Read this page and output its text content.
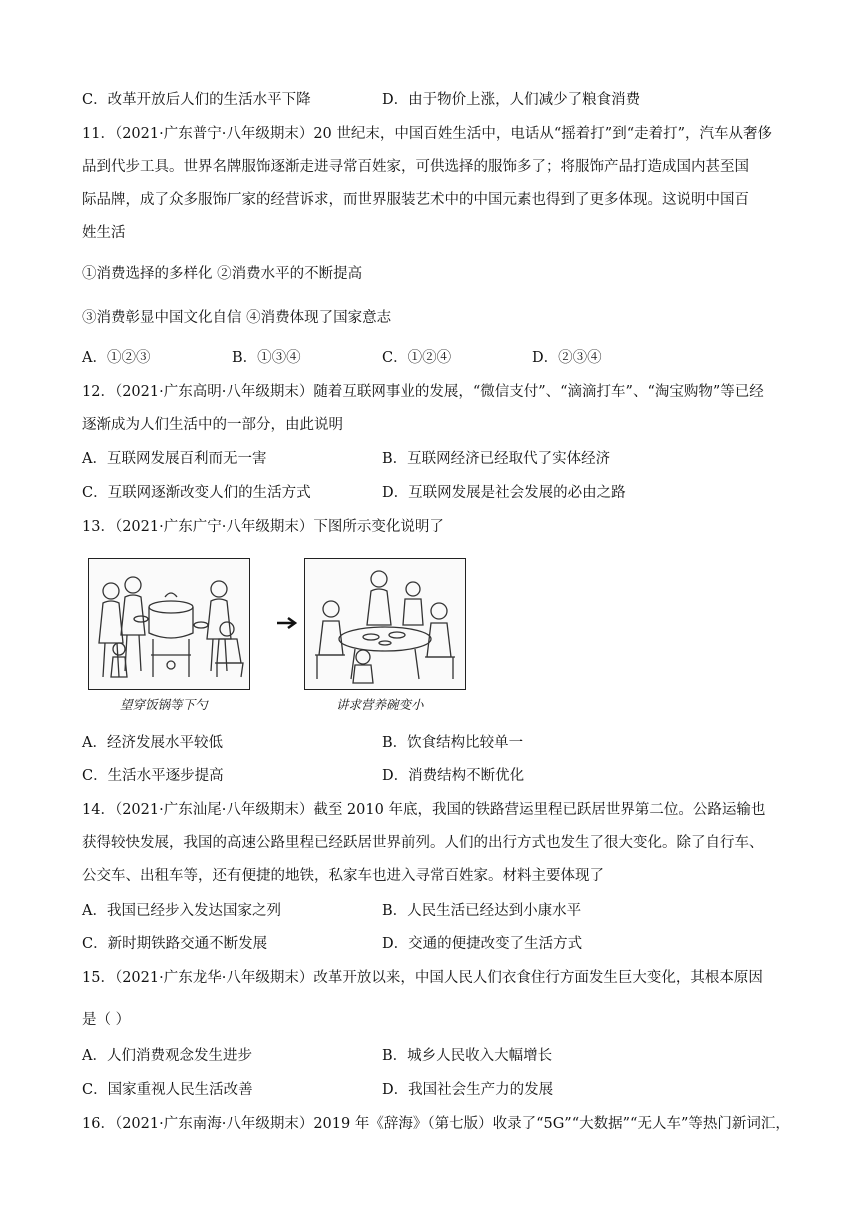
C．改革开放后人们的生活水平下降	D．由于物价上涨，人们减少了粮食消费
11．（2021·广东普宁·八年级期末）20 世纪末，中国百姓生活中，电话从“摇着打”到“走着打”，汽车从奢侈
品到代步工具。世界名牌服饰逐渐走进寻常百姓家，可供选择的服饰多了；将服饰产品打造成国内甚至国
际品牌，成了众多服饰厂家的经营诉求，而世界服装艺术中的中国元素也得到了更多体现。这说明中国百
姓生活
①消费选择的多样化 ②消费水平的不断提高
③消费彰显中国文化自信 ④消费体现了国家意志
A．①②③	B．①③④	C．①②④	D．②③④
12．（2021·广东高明·八年级期末）随着互联网事业的发展，“微信支付”、“滴滴打车”、“淘宝购物”等已经
逐渐成为人们生活中的一部分，由此说明
A．互联网发展百利而无一害	B．互联网经济已经取代了实体经济
C．互联网逐渐改变人们的生活方式	D．互联网发展是社会发展的必由之路
13．（2021·广东广宁·八年级期末）下图所示变化说明了
望穿饭锅等下勺	讲求营养碗变小
A．经济发展水平较低	B．饮食结构比较单一
C．生活水平逐步提高	D．消费结构不断优化
14．（2021·广东汕尾·八年级期末）截至 2010 年底，我国的铁路营运里程已跃居世界第二位。公路运输也
获得较快发展，我国的高速公路里程已经跃居世界前列。人们的出行方式也发生了很大变化。除了自行车、
公交车、出租车等，还有便捷的地铁，私家车也进入寻常百姓家。材料主要体现了
A．我国已经步入发达国家之列	B．人民生活已经达到小康水平
C．新时期铁路交通不断发展	D．交通的便捷改变了生活方式
15．（2021·广东龙华·八年级期末）改革开放以来，中国人民人们衣食住行方面发生巨大变化，其根本原因
是（ ）
A．人们消费观念发生进步	B．城乡人民收入大幅增长
C．国家重视人民生活改善	D．我国社会生产力的发展
16．（2021·广东南海·八年级期末）2019 年《辞海》（第七版）收录了“5G”“大数据”“无人车”等热门新词汇，
